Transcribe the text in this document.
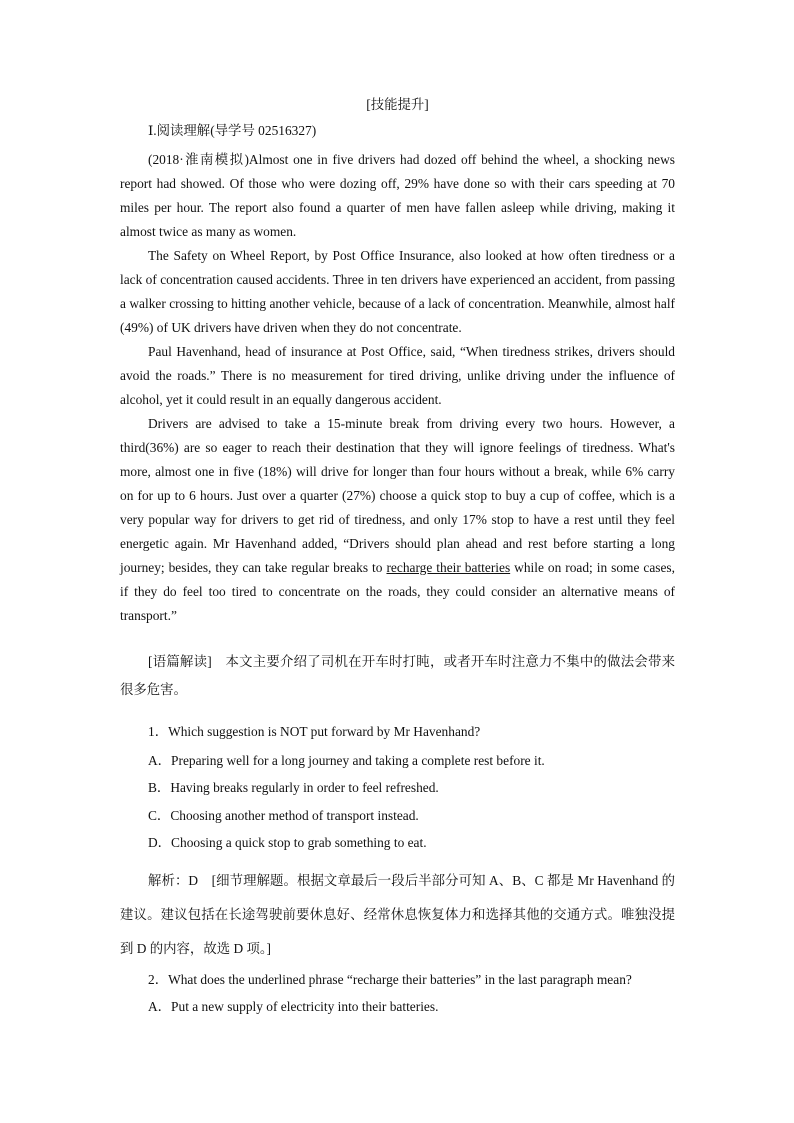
[技能提升]
Ⅰ.阅读理解(导学号 02516327)

(2018·淮南模拟)Almost one in five drivers had dozed off behind the wheel, a shocking news report had showed. Of those who were dozing off, 29% have done so with their cars speeding at 70 miles per hour. The report also found a quarter of men have fallen asleep while driving, making it almost twice as many as women.

The Safety on Wheel Report, by Post Office Insurance, also looked at how often tiredness or a lack of concentration caused accidents. Three in ten drivers have experienced an accident, from passing a walker crossing to hitting another vehicle, because of a lack of concentration. Meanwhile, almost half (49%) of UK drivers have driven when they do not concentrate.

Paul Havenhand, head of insurance at Post Office, said, “When tiredness strikes, drivers should avoid the roads.” There is no measurement for tired driving, unlike driving under the influence of alcohol, yet it could result in an equally dangerous accident.

Drivers are advised to take a 15-minute break from driving every two hours. However, a third(36%) are so eager to reach their destination that they will ignore feelings of tiredness. What's more, almost one in five (18%) will drive for longer than four hours without a break, while 6% carry on for up to 6 hours. Just over a quarter (27%) choose a quick stop to buy a cup of coffee, which is a very popular way for drivers to get rid of tiredness, and only 17% stop to have a rest until they feel energetic again. Mr Havenhand added, “Drivers should plan ahead and rest before starting a long journey; besides, they can take regular breaks to recharge their batteries while on road; in some cases, if they do feel too tired to concentrate on the roads, they could consider an alternative means of transport.”

[语篇解读]　本文主要介绍了司机在开车时打盹，或者开车时注意力不集中的做法会带来很多危害。
1．Which suggestion is NOT put forward by Mr Havenhand?
A．Preparing well for a long journey and taking a complete rest before it.
B．Having breaks regularly in order to feel refreshed.
C．Choosing another method of transport instead.
D．Choosing a quick stop to grab something to eat.
解析：D　[细节理解题。根据文章最后一段后半部分可知 A、B、C 都是 Mr Havenhand 的建议。建议包括在长途驾驶前要休息好、经常休息恢复体力和选择其他的交通方式。唯独没提到 D 的内容，故选 D 项。]
2．What does the underlined phrase “recharge their batteries” in the last paragraph mean?
A．Put a new supply of electricity into their batteries.
